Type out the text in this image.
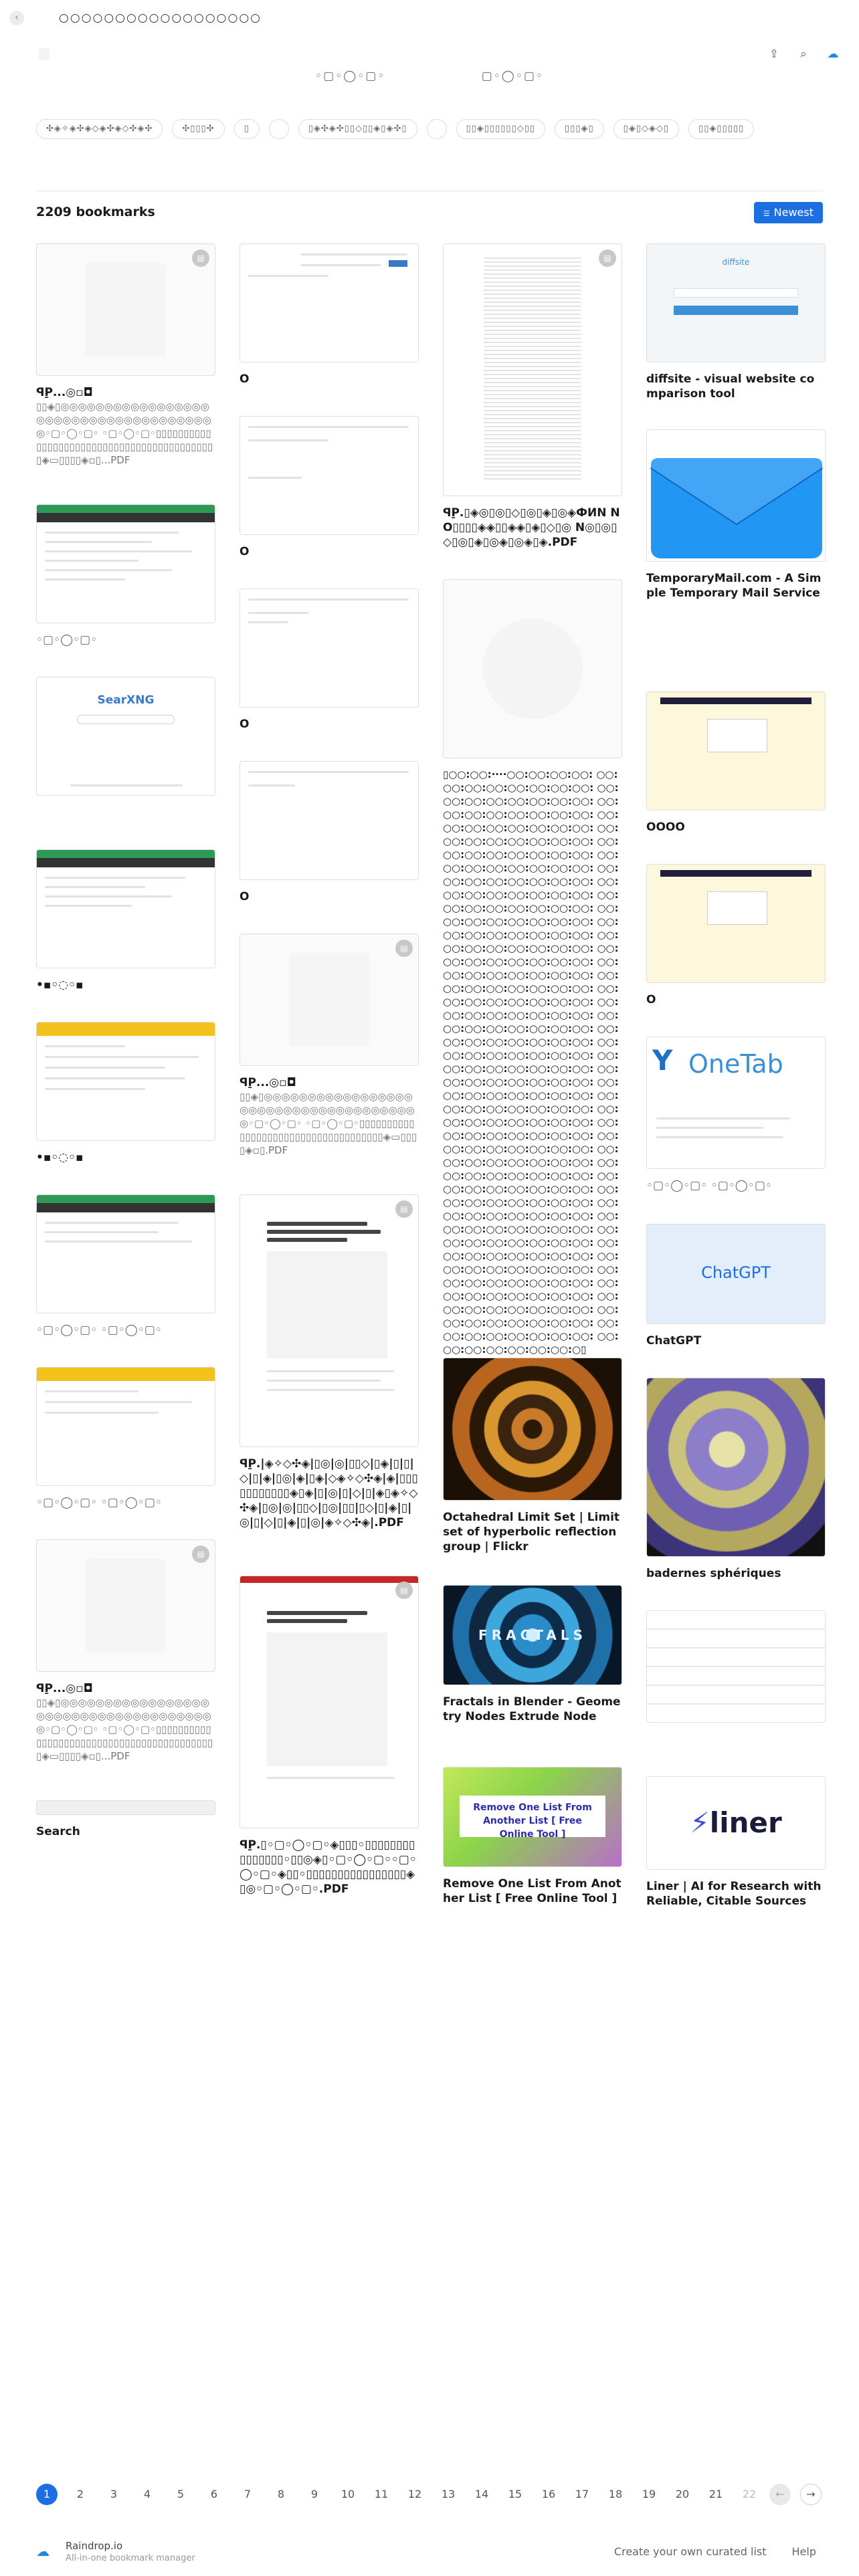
‹	○○○○○○○○○○○○○○○○○○
⇪	⌕	☁
◦▢◦◯◦▢◦	▢◦◯◦▢◦
✣◈✧◈✣◈◇◈✣◈◇✣◈✣	✣▯▯▯✣	▯	▯◈✣◈✣▯▯◇▯▯◈▯◈✣▯	▯▯◈▯▯▯▯▯▯◇▯▯	▯▯▯◈▯	▯◈▯◇◈◇▯	▯▯◈▯▯▯▯▯
2209 bookmarks	☰ Newest
▤
ꟼP̱...◎▫◘
▯▯◈▯◎◎◎◎◎◎◎◎◎◎◎◎◎◎◎◎◎◎◎◎◎◎◎◎◎◎◎◎◎◎◎◎◎◎◎◎◎◎◦▢◦◯◦▢◦ ◦▢◦◯◦▢◦▯▯▯▯▯▯▯▯▯▯▯▯▯▯▯▯▯▯▯▯▯▯▯▯▯▯▯▯▯▯▯▯▯▯▯▯▯▯▯▯▯▯▯◈▭▯▯▯▯◈▫▯...PDF
◦▢◦◯◦▢◦
SearXNG
•▪◦◌◦▪
•▪◦◌◦▪
◦▢◦◯◦▢◦ ◦▢◦◯◦▢◦
◦▢◦◯◦▢◦ ◦▢◦◯◦▢◦
▤
ꟼP̱...◎▫◘
▯▯◈▯◎◎◎◎◎◎◎◎◎◎◎◎◎◎◎◎◎◎◎◎◎◎◎◎◎◎◎◎◎◎◎◎◎◎◎◎◎◎◦▢◦◯◦▢◦ ◦▢◦◯◦▢◦▯▯▯▯▯▯▯▯▯▯▯▯▯▯▯▯▯▯▯▯▯▯▯▯▯▯▯▯▯▯▯▯▯▯▯▯▯▯▯▯▯▯▯◈▭▯▯▯▯◈▫▯...PDF
Search
O
O
O
O
▤
ꟼP̱...◎▫◘
▯▯◈▯◎◎◎◎◎◎◎◎◎◎◎◎◎◎◎◎◎◎◎◎◎◎◎◎◎◎◎◎◎◎◎◎◎◎◎◎◎◎◦▢◦◯◦▢◦ ◦▢◦◯◦▢◦▯▯▯▯▯▯▯▯▯▯▯▯▯▯▯▯▯▯▯▯▯▯▯▯▯▯▯▯▯▯▯▯▯▯▯▯◈▭▯▯▯▯◈▫▯.PDF
▤
ꟼP̱.|◈✧◇✣◈|▯◎|◎|▯▯◇|▯◈|▯|▯|◇|▯|◈|▯◎|◈|▯◈|◇◈✧◇✣◈|◈|▯▯▯▯▯▯▯▯▯▯▯◈▯◈|▯|◎|▯|◇|▯|◈▯◈✧◇✣◈|▯◎|◎|▯▯◇|▯◎|▯▯|▯◇|▯|◈|▯|◎|▯|◇|▯|◈|▯|◎|◈✧◇✣◈|.PDF
▤
ꟼP̱.▯◦▢◦◯◦▢◦◈▯▯▯◦▯▯▯▯▯▯▯▯▯▯▯▯▯▯▯◦▯▯◎◈▯◦▢◦◯◦▢◦◦▢◦◯◦▢◦◈▯▯◦▯▯▯▯▯▯▯▯▯▯▯▯▯▯▯▯◈▯◎◦▢◦◯◦▢◦.PDF
▤
ꟼP̱.▯◈◎▯◎▯◇▯◎▯◈▯◎◈ФИN NO▯▯▯▯◈◈▯▯◈◈▯◈▯◇▯◎ N◎▯◎▯◇▯◎▯◈▯◎◈▯◎◈▯◈.PDF
▯○○:○○:····○○:○○:○○:○○: ○○:○○:○○:○○:○○:○○:○○:○○: ○○:○○:○○:○○:○○:○○:○○:○○: ○○:○○:○○:○○:○○:○○:○○:○○: ○○:○○:○○:○○:○○:○○:○○:○○: ○○:○○:○○:○○:○○:○○:○○:○○: ○○:○○:○○:○○:○○:○○:○○:○○: ○○:○○:○○:○○:○○:○○:○○:○○: ○○:○○:○○:○○:○○:○○:○○:○○: ○○:○○:○○:○○:○○:○○:○○:○○: ○○:○○:○○:○○:○○:○○:○○:○○: ○○:○○:○○:○○:○○:○○:○○:○○: ○○:○○:○○:○○:○○:○○:○○:○○: ○○:○○:○○:○○:○○:○○:○○:○○: ○○:○○:○○:○○:○○:○○:○○:○○: ○○:○○:○○:○○:○○:○○:○○:○○: ○○:○○:○○:○○:○○:○○:○○:○○: ○○:○○:○○:○○:○○:○○:○○:○○: ○○:○○:○○:○○:○○:○○:○○:○○: ○○:○○:○○:○○:○○:○○:○○:○○: ○○:○○:○○:○○:○○:○○:○○:○○: ○○:○○:○○:○○:○○:○○:○○:○○: ○○:○○:○○:○○:○○:○○:○○:○○: ○○:○○:○○:○○:○○:○○:○○:○○: ○○:○○:○○:○○:○○:○○:○○:○○: ○○:○○:○○:○○:○○:○○:○○:○○: ○○:○○:○○:○○:○○:○○:○○:○○: ○○:○○:○○:○○:○○:○○:○○:○○: ○○:○○:○○:○○:○○:○○:○○:○○: ○○:○○:○○:○○:○○:○○:○○:○○: ○○:○○:○○:○○:○○:○○:○○:○○: ○○:○○:○○:○○:○○:○○:○○:○○: ○○:○○:○○:○○:○○:○○:○○:○○: ○○:○○:○○:○○:○○:○○:○○:○○: ○○:○○:○○:○○:○○:○○:○○:○○: ○○:○○:○○:○○:○○:○○:○○:○○: ○○:○○:○○:○○:○○:○○:○○:○○: ○○:○○:○○:○○:○○:○○:○○:○○: ○○:○○:○○:○○:○○:○○:○○:○○: ○○:○○:○○:○○:○○:○○:○○:○○: ○○:○○:○○:○○:○○:○○:○○:○○: ○○:○○:○○:○○:○○:○○:○○:○○: ○○:○○:○○:○○:○○:○○:○○:○○: ○○:○○:○○:○○:○○:○○:○○:○▯
Octahedral Limit Set | Limit set of hyperbolic reflection group | Flickr
FRACTALS
Fractals in Blender - Geometry Nodes Extrude Node
Remove One List From Another List [ Free Online Tool ]
Remove One List From Another List [ Free Online Tool ]
diffsite
diffsite - visual website comparison tool
TemporaryMail.com - A Simple Temporary Mail Service
OOOO
O
Y OneTab
◦▢◦◯◦▢◦ ◦▢◦◯◦▢◦
ChatGPT
ChatGPT
badernes sphériques
⚡liner
Liner | AI for Research with Reliable, Citable Sources
1	2	3	4	5	6	7	8	9	10	11	12	13	14	15	16	17	18	19	20	21	22	←	→
☁	Raindrop.io
All-in-one bookmark manager
Create your own curated list Help
